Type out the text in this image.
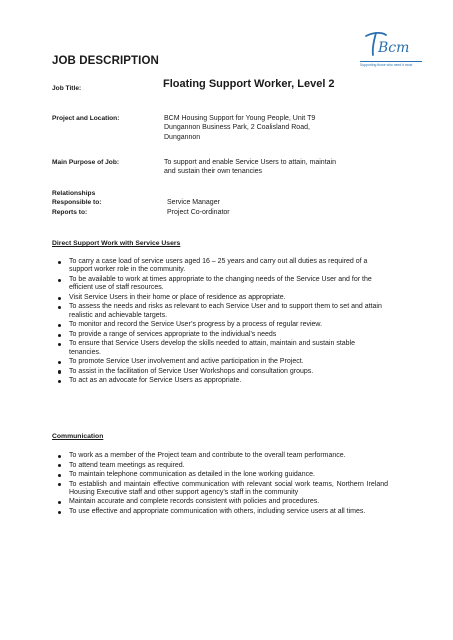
Bcm
Supporting those who need it most
JOB DESCRIPTION
Job Title:	Floating Support Worker, Level 2
Project and Location:	BCM Housing Support for Young People, Unit T9
Dungannon Business Park, 2 Coalisland Road,
Dungannon
Main Purpose of Job:	To support and enable Service Users to attain, maintain
and sustain their own tenancies
Relationships
Responsible to:	Service Manager
Reports to:	Project Co-ordinator
Direct Support Work with Service Users
To carry a case load of service users aged 16 – 25 years and carry out all duties as required of a support worker role in the community.
To be available to work at times appropriate to the changing needs of the Service User and for the efficient use of staff resources.
Visit Service Users in their home or place of residence as appropriate.
To assess the needs and risks as relevant to each Service User and to support them to set and attain realistic and achievable targets.
To monitor and record the Service User’s progress by a process of regular review.
To provide a range of services appropriate to the individual’s needs
To ensure that Service Users develop the skills needed to attain, maintain and sustain stable tenancies.
To promote Service User involvement and active participation in the Project.
To assist in the facilitation of Service User Workshops and consultation groups.
To act as an advocate for Service Users as appropriate.
Communication
To work as a member of the Project team and contribute to the overall team performance.
To attend team meetings as required.
To maintain telephone communication as detailed in the lone working guidance.
To establish and maintain effective communication with relevant social work teams, Northern Ireland Housing Executive staff and other support agency’s staff in the community
Maintain accurate and complete records consistent with policies and procedures.
To use effective and appropriate communication with others, including service users at all times.
